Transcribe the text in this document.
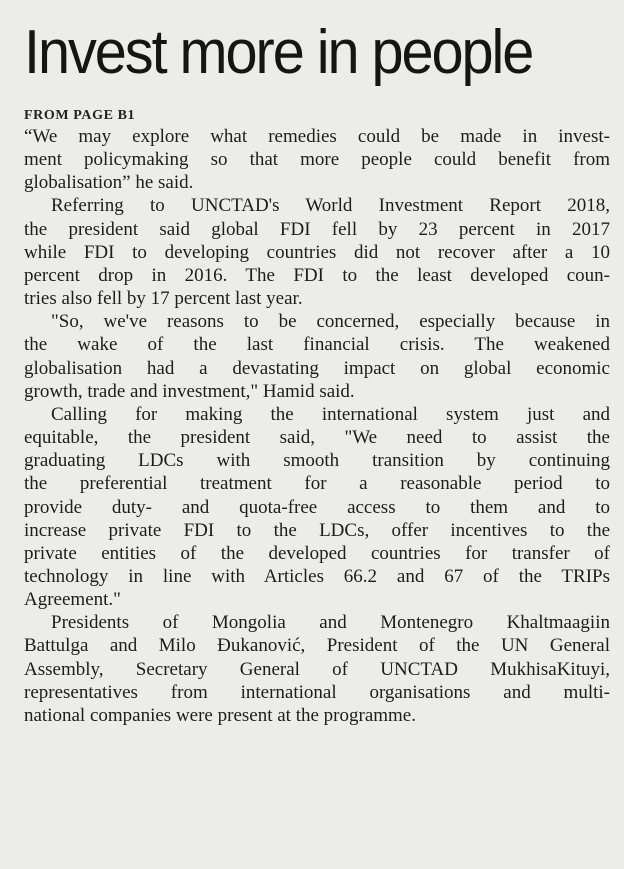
Invest more in people
FROM PAGE B1

“We may explore what remedies could be made in invest-
ment policymaking so that more people could benefit from
globalisation” he said.

Referring to UNCTAD's World Investment Report 2018,
the president said global FDI fell by 23 percent in 2017
while FDI to developing countries did not recover after a 10
percent drop in 2016. The FDI to the least developed coun-
tries also fell by 17 percent last year.

"So, we've reasons to be concerned, especially because in
the wake of the last financial crisis. The weakened
globalisation had a devastating impact on global economic
growth, trade and investment," Hamid said.

Calling for making the international system just and
equitable, the president said, "We need to assist the
graduating LDCs with smooth transition by continuing
the preferential treatment for a reasonable period to
provide duty- and quota-free access to them and to
increase private FDI to the LDCs, offer incentives to the
private entities of the developed countries for transfer of
technology in line with Articles 66.2 and 67 of the TRIPs
Agreement."

Presidents of Mongolia and Montenegro Khaltmaagiin
Battulga and Milo Đukanović, President of the UN General
Assembly, Secretary General of UNCTAD MukhisaKituyi,
representatives from international organisations and multi-
national companies were present at the programme.
